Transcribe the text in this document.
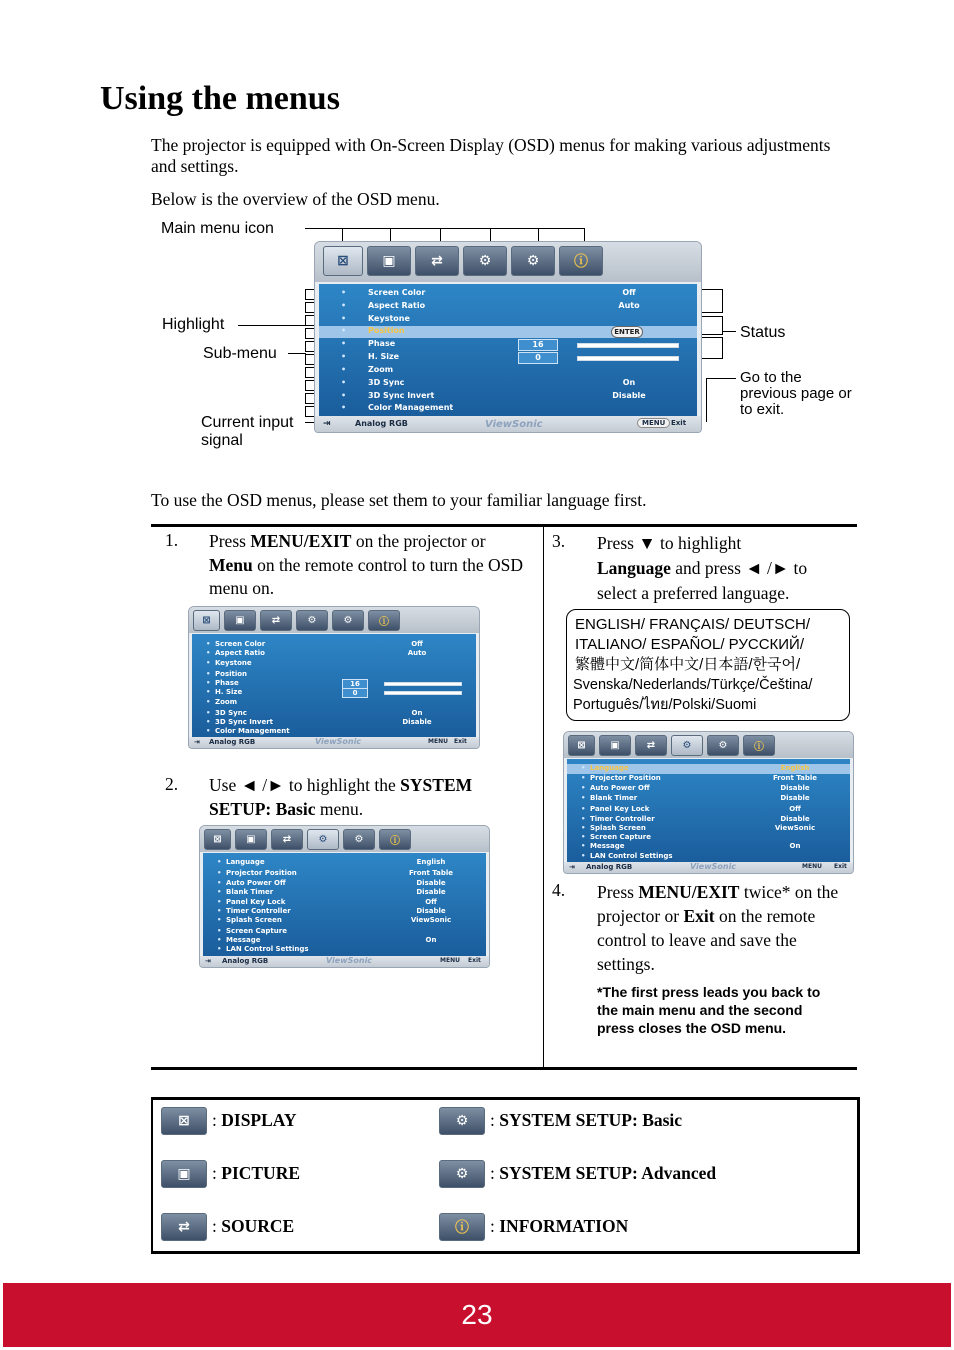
Using the menus
The projector is equipped with On-Screen Display (OSD) menus for making various adjustments and settings.
Below is the overview of the OSD menu.
Main menu icon
Highlight
Sub-menu
Current input signal
Status
Go to the previous page or to exit.
⊠ ▣	⇄	⚙	⚙ ⓘ
•	Screen Color	Off
•	Aspect Ratio	Auto
•	Keystone
•	Position	ENTER
•	Phase	16
•	H. Size	0
•	Zoom
•	3D Sync	On
•	3D Sync Invert	Disable
•	Color Management
⇥	Analog RGB	ViewSonic	MENU Exit
To use the OSD menus, please set them to your familiar language first.
1. Press MENU/EXIT on the projector or Menu on the remote control to turn the OSD menu on.
⊠ ▣	⇄	⚙	⚙	ⓘ
• Screen Color	Off
• Aspect Ratio	Auto
• Keystone
• Position
• Phase	16
• H. Size	0
• Zoom
• 3D Sync	On
• 3D Sync Invert	Disable
• Color Management
⇥ Analog RGB	ViewSonic	MENU Exit
2. Use ◄ /► to highlight the SYSTEM SETUP: Basic menu.
⊠ ▣	⇄	⚙	⚙	ⓘ
• Language	English
• Projector Position	Front Table
• Auto Power Off	Disable
• Blank Timer	Disable
• Panel Key Lock	Off
• Timer Controller	Disable
• Splash Screen	ViewSonic
• Screen Capture
• Message	On
• LAN Control Settings
⇥ Analog RGB	ViewSonic	MENU Exit
3. Press ▼ to highlight
Language and press ◄ /► to select a preferred language.
ENGLISH/ FRANÇAIS/ DEUTSCH/
ITALIANO/ ESPAÑOL/ РУССКИЙ/
繁體中文/简体中文/日本語/한국어/
Svenska/Nederlands/Türkçe/Čeština/
Português/ไทย/Polski/Suomi
⊠ ▣	⇄	⚙	⚙	ⓘ
• Language	English
• Projector Position	Front Table
• Auto Power Off	Disable
• Blank Timer	Disable
• Panel Key Lock	Off
• Timer Controller	Disable
• Splash Screen	ViewSonic
• Screen Capture
• Message	On
• LAN Control Settings
⇥ Analog RGB	ViewSonic	MENU Exit
4. Press MENU/EXIT twice* on the projector or Exit on the remote control to leave and save the settings.
*The first press leads you back to the main menu and the second press closes the OSD menu.
⊠	: DISPLAY
▣	: PICTURE
⇄	: SOURCE
⚙	: SYSTEM SETUP: Basic
⚙	: SYSTEM SETUP: Advanced
ⓘ	: INFORMATION
23
